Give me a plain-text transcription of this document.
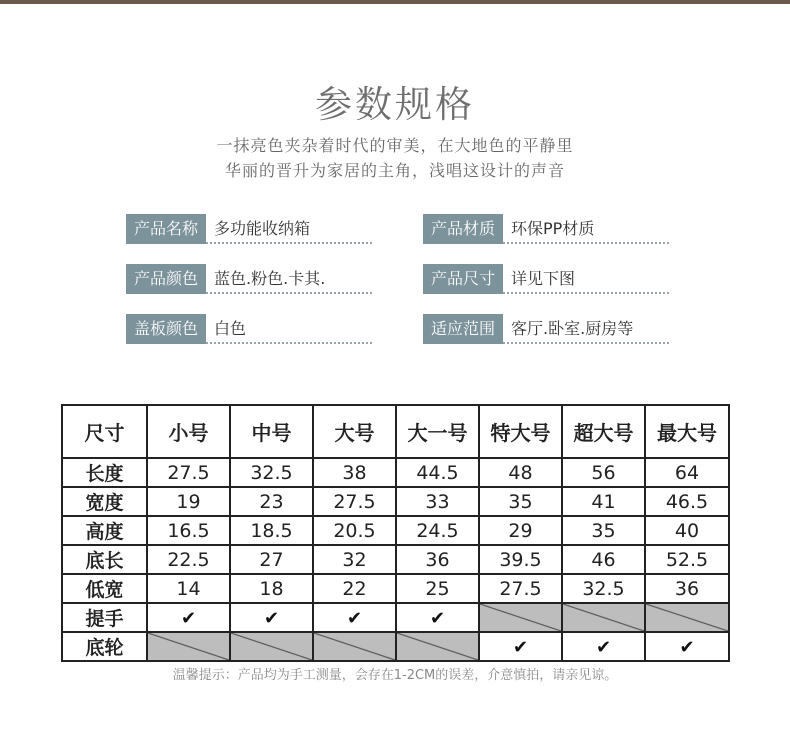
参数规格
一抹亮色夹杂着时代的审美，在大地色的平静里
华丽的晋升为家居的主角，浅唱这设计的声音
产品名称	多功能收纳箱	产品材质	环保PP材质
产品颜色	蓝色.粉色.卡其.	产品尺寸	详见下图
盖板颜色	白色	适应范围	客厅.卧室.厨房等
尺寸	小号	中号	大号	大一号	特大号	超大号	最大号
长度	27.5	32.5	38	44.5	48	56	64
宽度	19	23	27.5	33	35	41	46.5
高度	16.5	18.5	20.5	24.5	29	35	40
底长	22.5	27	32	36	39.5	46	52.5
低宽	14	18	22	25	27.5	32.5	36
提手	✔	✔	✔	✔			
底轮					✔	✔	✔
温馨提示：产品均为手工测量，会存在1-2CM的误差，介意慎拍，请亲见谅。
